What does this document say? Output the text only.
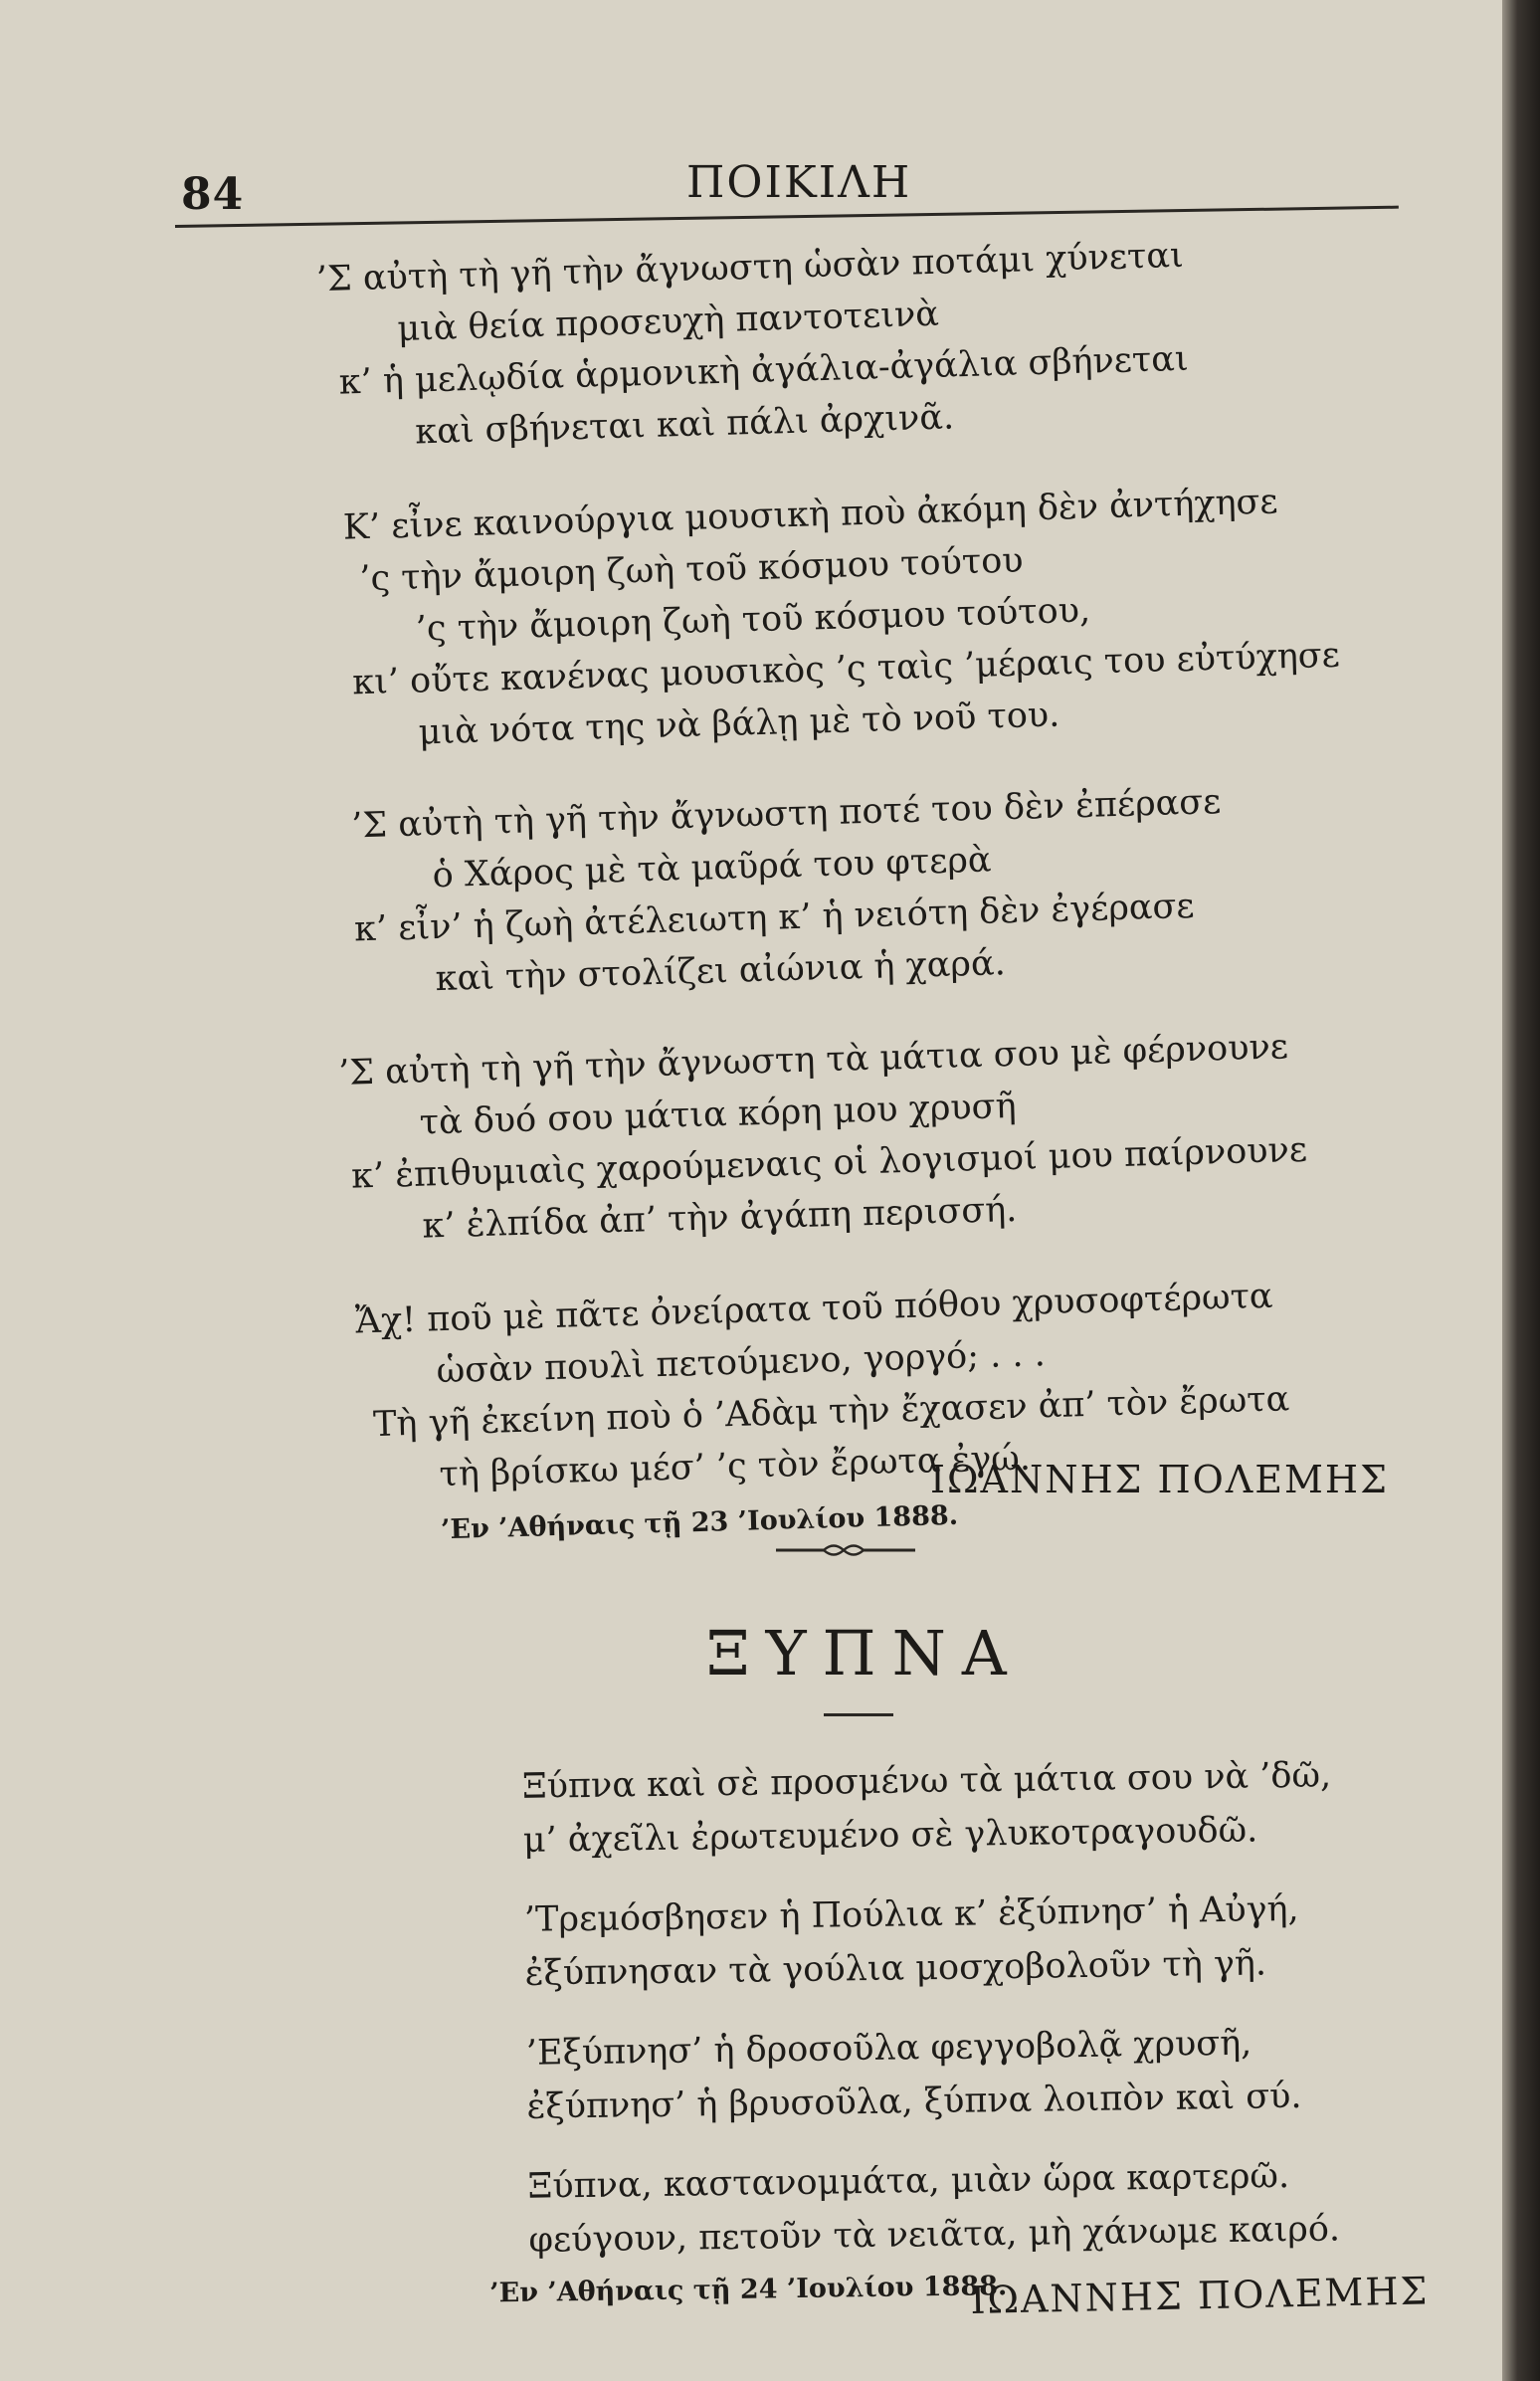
84	ΠΟΙΚΙΛΗ
’Σ αὐτὴ τὴ γῆ τὴν ἄγνωστη ὡσὰν ποτάμι χύνεται
μιὰ θεία προσευχὴ παντοτεινὰ
κ’ ἡ μελῳδία ἁρμονικὴ ἀγάλια-ἀγάλια σβήνεται
καὶ σβήνεται καὶ πάλι ἀρχινᾶ.
Κ’ εἶνε καινούργια μουσικὴ ποὺ ἀκόμη δὲν ἀντήχησε
’ς τὴν ἄμοιρη ζωὴ τοῦ κόσμου τούτου
’ς τὴν ἄμοιρη ζωὴ τοῦ κόσμου τούτου,
κι’ οὔτε κανένας μουσικὸς ’ς ταὶς ’μέραις του εὐτύχησε
μιὰ νότα της νὰ βάλῃ μὲ τὸ νοῦ του.
’Σ αὐτὴ τὴ γῆ τὴν ἄγνωστη ποτέ του δὲν ἐπέρασε
ὁ Χάρος μὲ τὰ μαῦρά του φτερὰ
κ’ εἶν’ ἡ ζωὴ ἀτέλειωτη κ’ ἡ νειότη δὲν ἐγέρασε
καὶ τὴν στολίζει αἰώνια ἡ χαρά.
’Σ αὐτὴ τὴ γῆ τὴν ἄγνωστη τὰ μάτια σου μὲ φέρνουνε
τὰ δυό σου μάτια κόρη μου χρυσῆ
κ’ ἐπιθυμιαὶς χαρούμεναις οἱ λογισμοί μου παίρνουνε
κ’ ἐλπίδα ἀπ’ τὴν ἀγάπη περισσή.
Ἄχ! ποῦ μὲ πᾶτε ὀνείρατα τοῦ πόθου χρυσοφτέρωτα
ὡσὰν πουλὶ πετούμενο, γοργό; . . .
Τὴ γῆ ἐκείνη ποὺ ὁ ’Αδὰμ τὴν ἔχασεν ἀπ’ τὸν ἔρωτα
τὴ βρίσκω μέσ’ ’ς τὸν ἔρωτα ἐγώ.
’Εν ’Αθήναις τῇ 23 ’Ιουλίου 1888.
ΙΩΑΝΝΗΣ ΠΟΛΕΜΗΣ
ΞΥΠΝΑ
Ξύπνα καὶ σὲ προσμένω τὰ μάτια σου νὰ ’δῶ,
μ’ ἀχεῖλι ἐρωτευμένο σὲ γλυκοτραγουδῶ.
’Τρεμόσβησεν ἡ Πούλια κ’ ἐξύπνησ’ ἡ Αὐγή,
ἐξύπνησαν τὰ γούλια μοσχοβολοῦν τὴ γῆ.
’Εξύπνησ’ ἡ δροσοῦλα φεγγοβολᾷ χρυσῆ,
ἐξύπνησ’ ἡ βρυσοῦλα, ξύπνα λοιπὸν καὶ σύ.
Ξύπνα, καστανομμάτα, μιὰν ὥρα καρτερῶ.
φεύγουν, πετοῦν τὰ νειᾶτα, μὴ χάνωμε καιρό.
’Εν ’Αθήναις τῇ 24 ’Ιουλίου 1888.
ΙΩΑΝΝΗΣ ΠΟΛΕΜΗΣ
